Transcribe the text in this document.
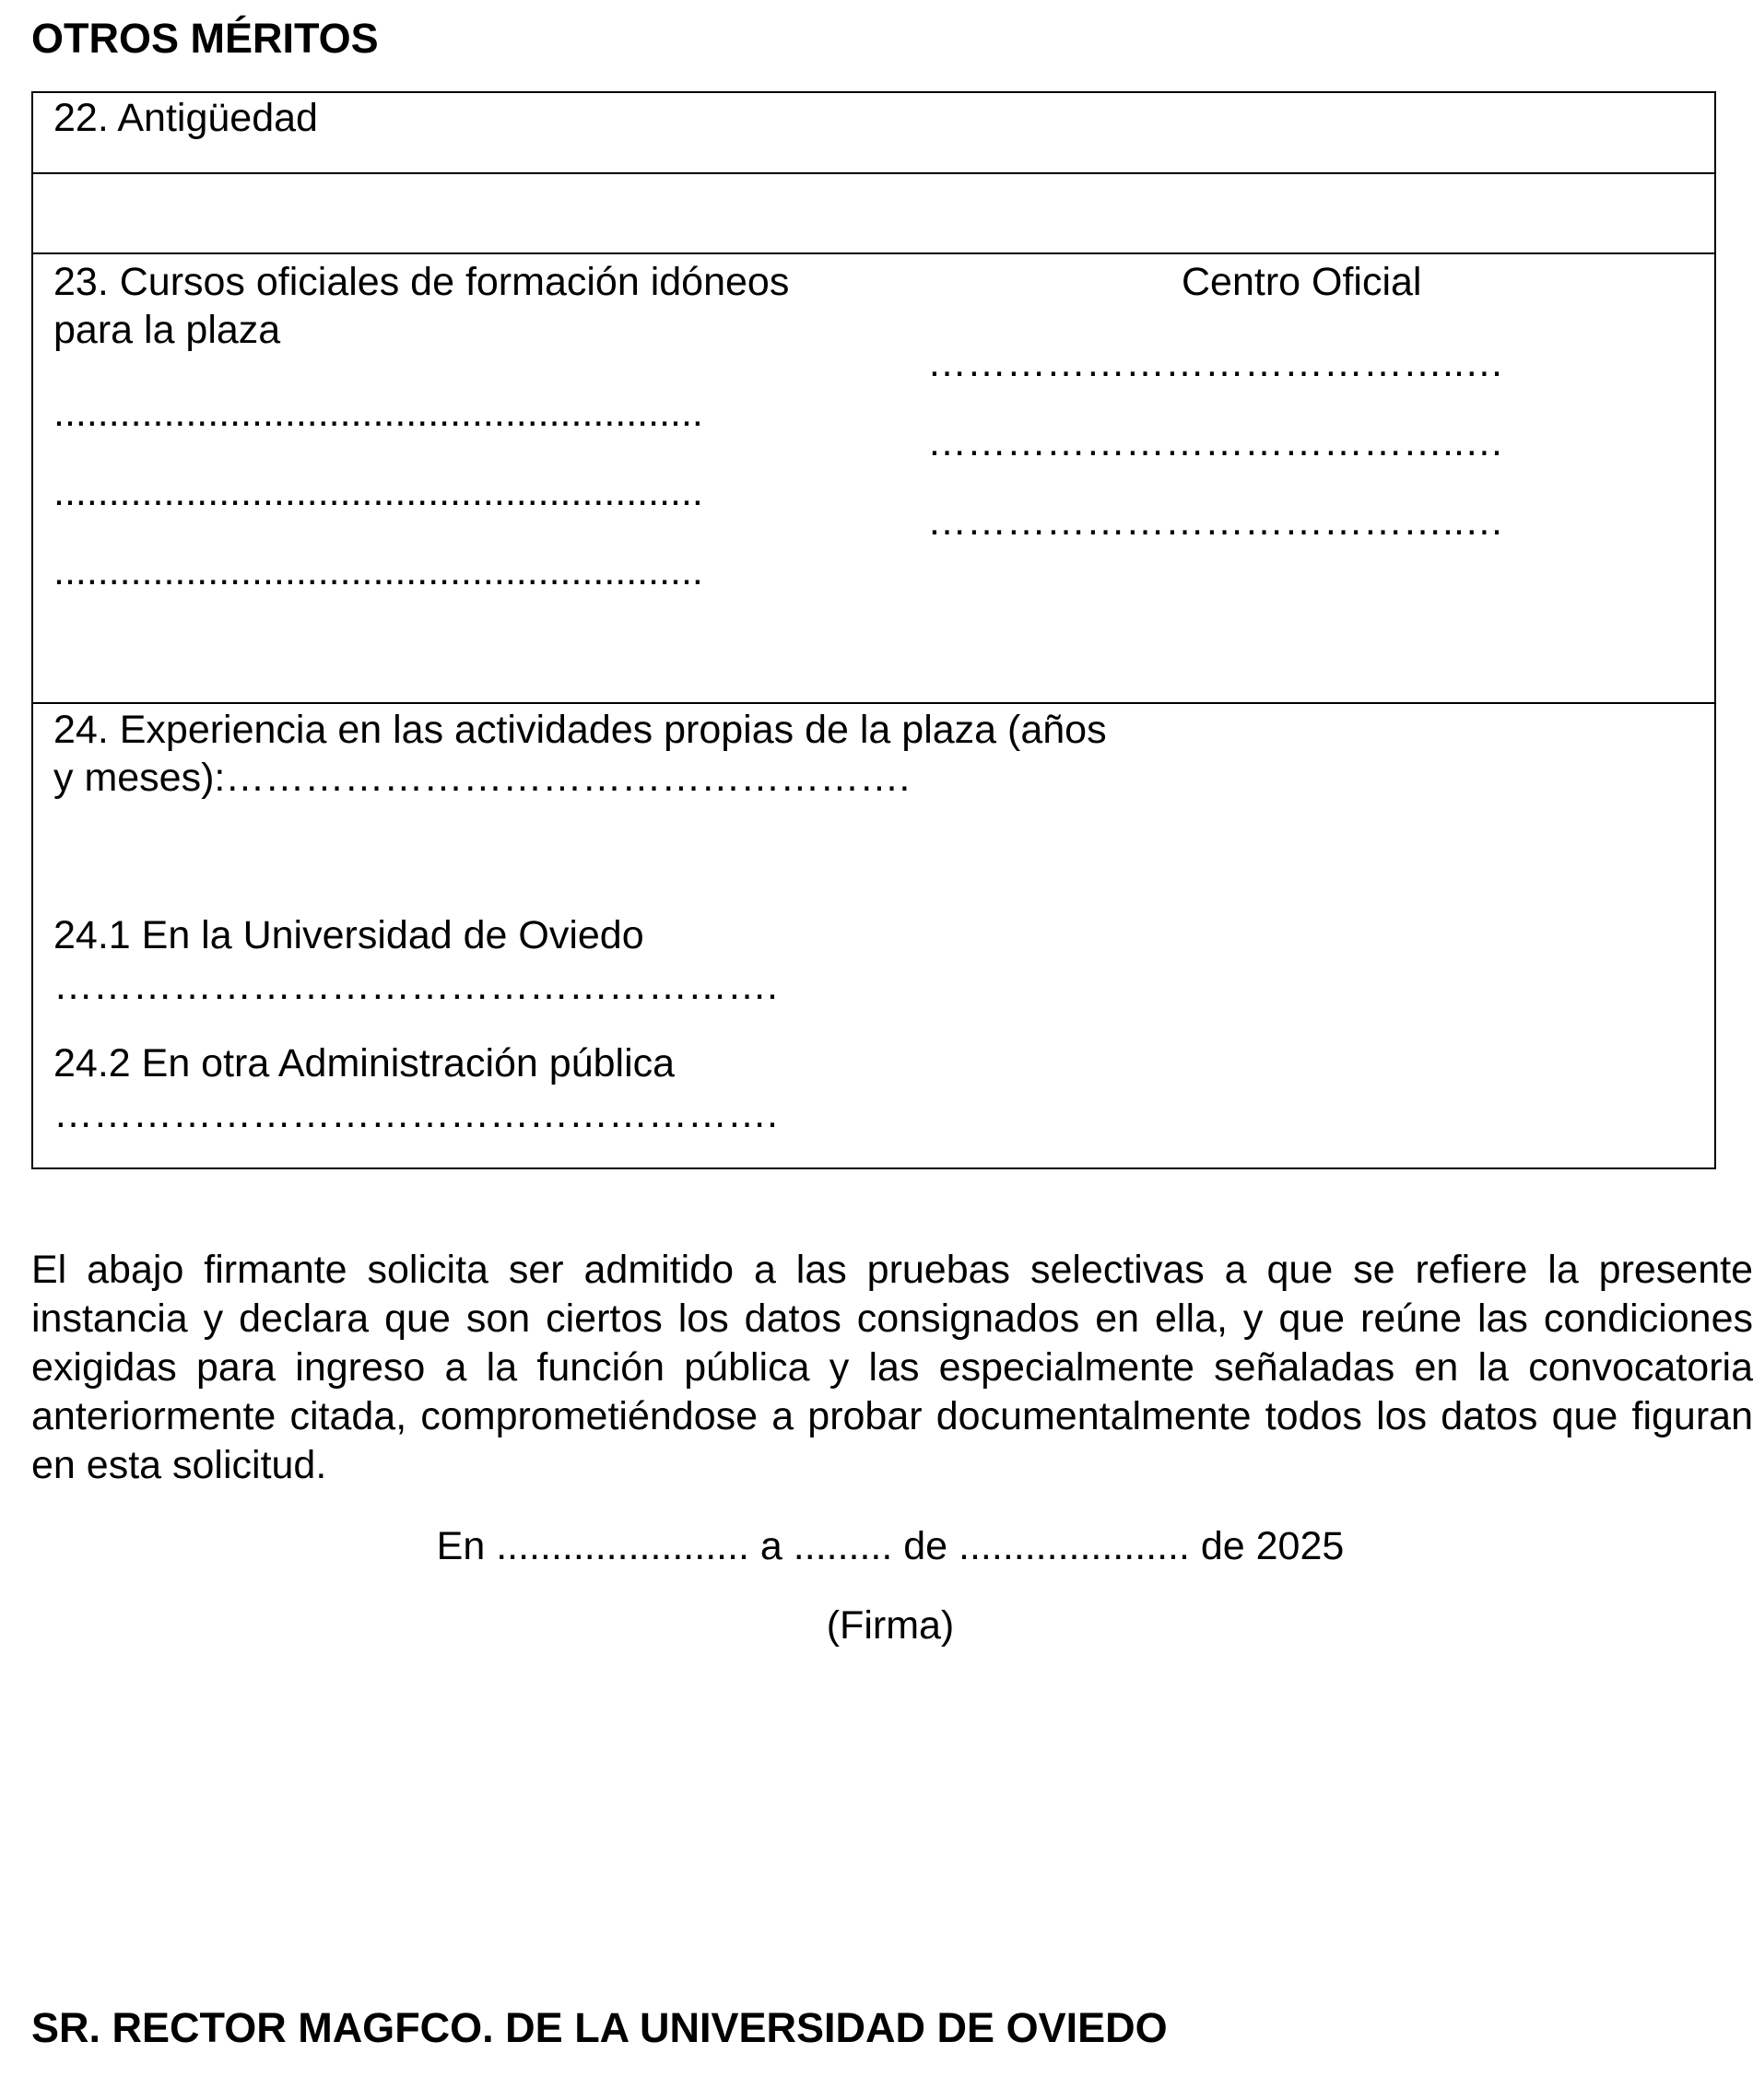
OTROS MÉRITOS
22. Antigüedad
23. Cursos oficiales de formación idóneos
para la plaza
Centro Oficial
...........................................................
...........................................................
...........................................................
…………………………………..…
…………………………………..…
…………………………………..…
24. Experiencia en las actividades propias de la plaza (años
y meses):…………………………………………….
24.1 En la Universidad de Oviedo
……………………………………………….
24.2 En otra Administración pública
……………………………………………….
El abajo firmante solicita ser admitido a las pruebas selectivas a que se refiere la presente instancia y declara que son ciertos los datos consignados en ella, y que reúne las condiciones exigidas para ingreso a la función pública y las especialmente señaladas en la convocatoria anteriormente citada, comprometiéndose a probar documentalmente todos los datos que figuran en esta solicitud.
En ....................... a ......... de ..................... de 2025
(Firma)
SR. RECTOR MAGFCO. DE LA UNIVERSIDAD DE OVIEDO
